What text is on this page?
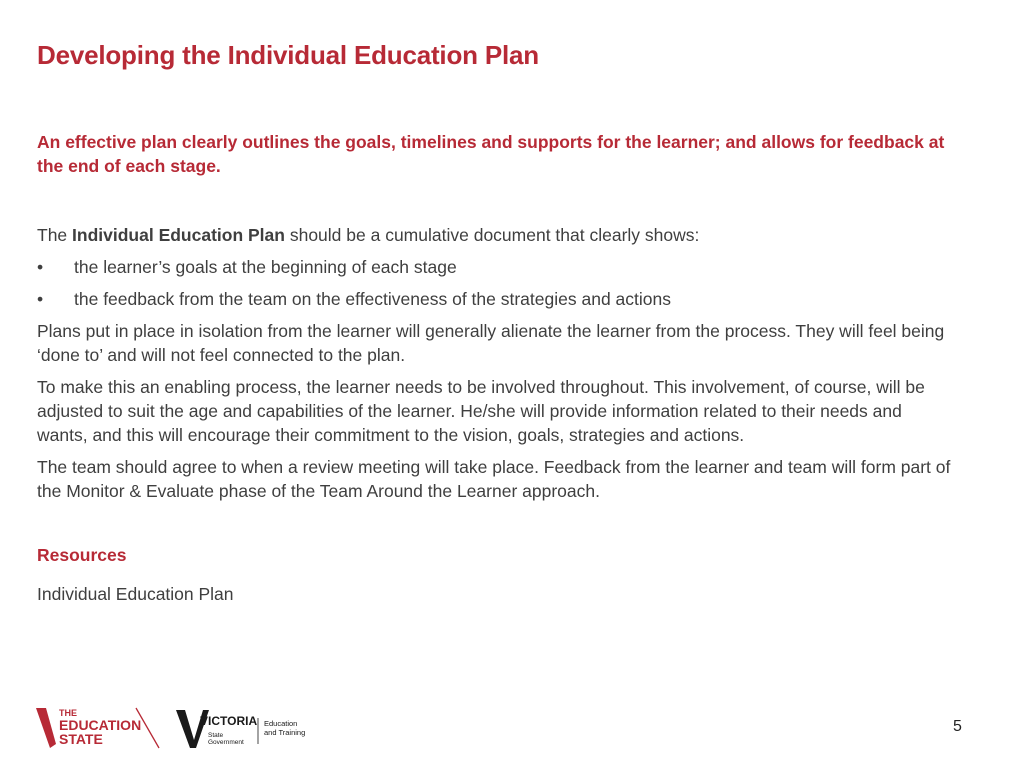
Developing the Individual Education Plan

An effective plan clearly outlines the goals, timelines and supports for the learner; and allows for feedback at the end of each stage.

The Individual Education Plan should be a cumulative document that clearly shows:

• the learner’s goals at the beginning of each stage
• the feedback from the team on the effectiveness of the strategies and actions

Plans put in place in isolation from the learner will generally alienate the learner from the process. They will feel being ‘done to’ and will not feel connected to the plan.

To make this an enabling process, the learner needs to be involved throughout. This involvement, of course, will be adjusted to suit the age and capabilities of the learner. He/she will provide information related to their needs and wants, and this will encourage their commitment to the vision, goals, strategies and actions.

The team should agree to when a review meeting will take place. Feedback from the learner and team will form part of the Monitor & Evaluate phase of the Team Around the Learner approach.

Resources
Individual Education Plan
THE
EDUCATION
STATE
VICTORIA
State
Government
Education
and Training	5
